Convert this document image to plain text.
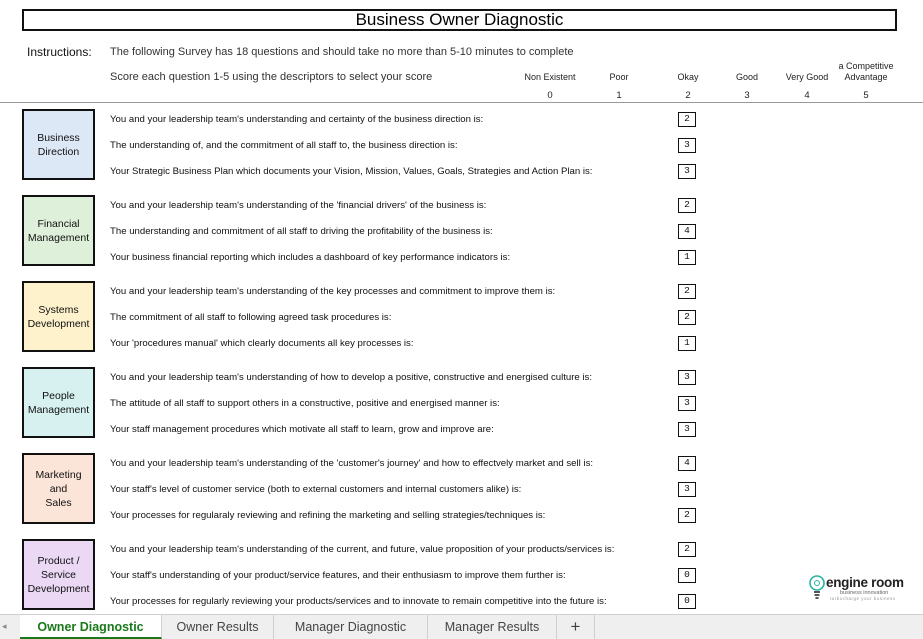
Business Owner Diagnostic
Instructions: The following Survey has 18 questions and should take no more than 5-10 minutes to complete
Score each question 1-5 using the descriptors to select your score	Non Existent
0
Poor
1
Okay
2
Good
3
Very Good
4
a Competitive
Advantage
5
Business
Direction
You and your leadership team's understanding and certainty of the business direction is:	2
The understanding of, and the commitment of all staff to, the business direction is:	3
Your Strategic Business Plan which documents your Vision, Mission, Values, Goals, Strategies and Action Plan is:	3
Financial
Management
You and your leadership team's understanding of the 'financial drivers' of the business is:	2
The understanding and commitment of all staff to driving the profitability of the business is:	4
Your business financial reporting which includes a dashboard of key performance indicators is:	1
Systems
Development
You and your leadership team's understanding of the key processes and commitment to improve them is:	2
The commitment of all staff to following agreed task procedures is:	2
Your 'procedures manual' which clearly documents all key processes is:	1
People
Management
You and your leadership team's understanding of how to develop a positive, constructive and energised culture is:	3
The attitude of all staff to support others in a constructive, positive and energised manner is:	3
Your staff management procedures which motivate all staff to learn, grow and improve are:	3
Marketing
and
Sales
You and your leadership team's understanding of the 'customer's journey' and how to effectvely market and sell is:	4
Your staff's level of customer service (both to external customers and internal customers alike) is:	3
Your processes for regularaly reviewing and refining the marketing and selling strategies/techniques is:	2
Product /
Service
Development
You and your leadership team's understanding of the current, and future, value proposition of your products/services is:	2
Your staff's understanding of your product/service features, and their enthusiasm to improve them further is:	0
Your processes for regularly reviewing your products/services and to innovate to remain competitive into the future is:	0
engine room
business innovation
turbocharge your business
◂	Owner Diagnostic	Owner Results	Manager Diagnostic	Manager Results	+
